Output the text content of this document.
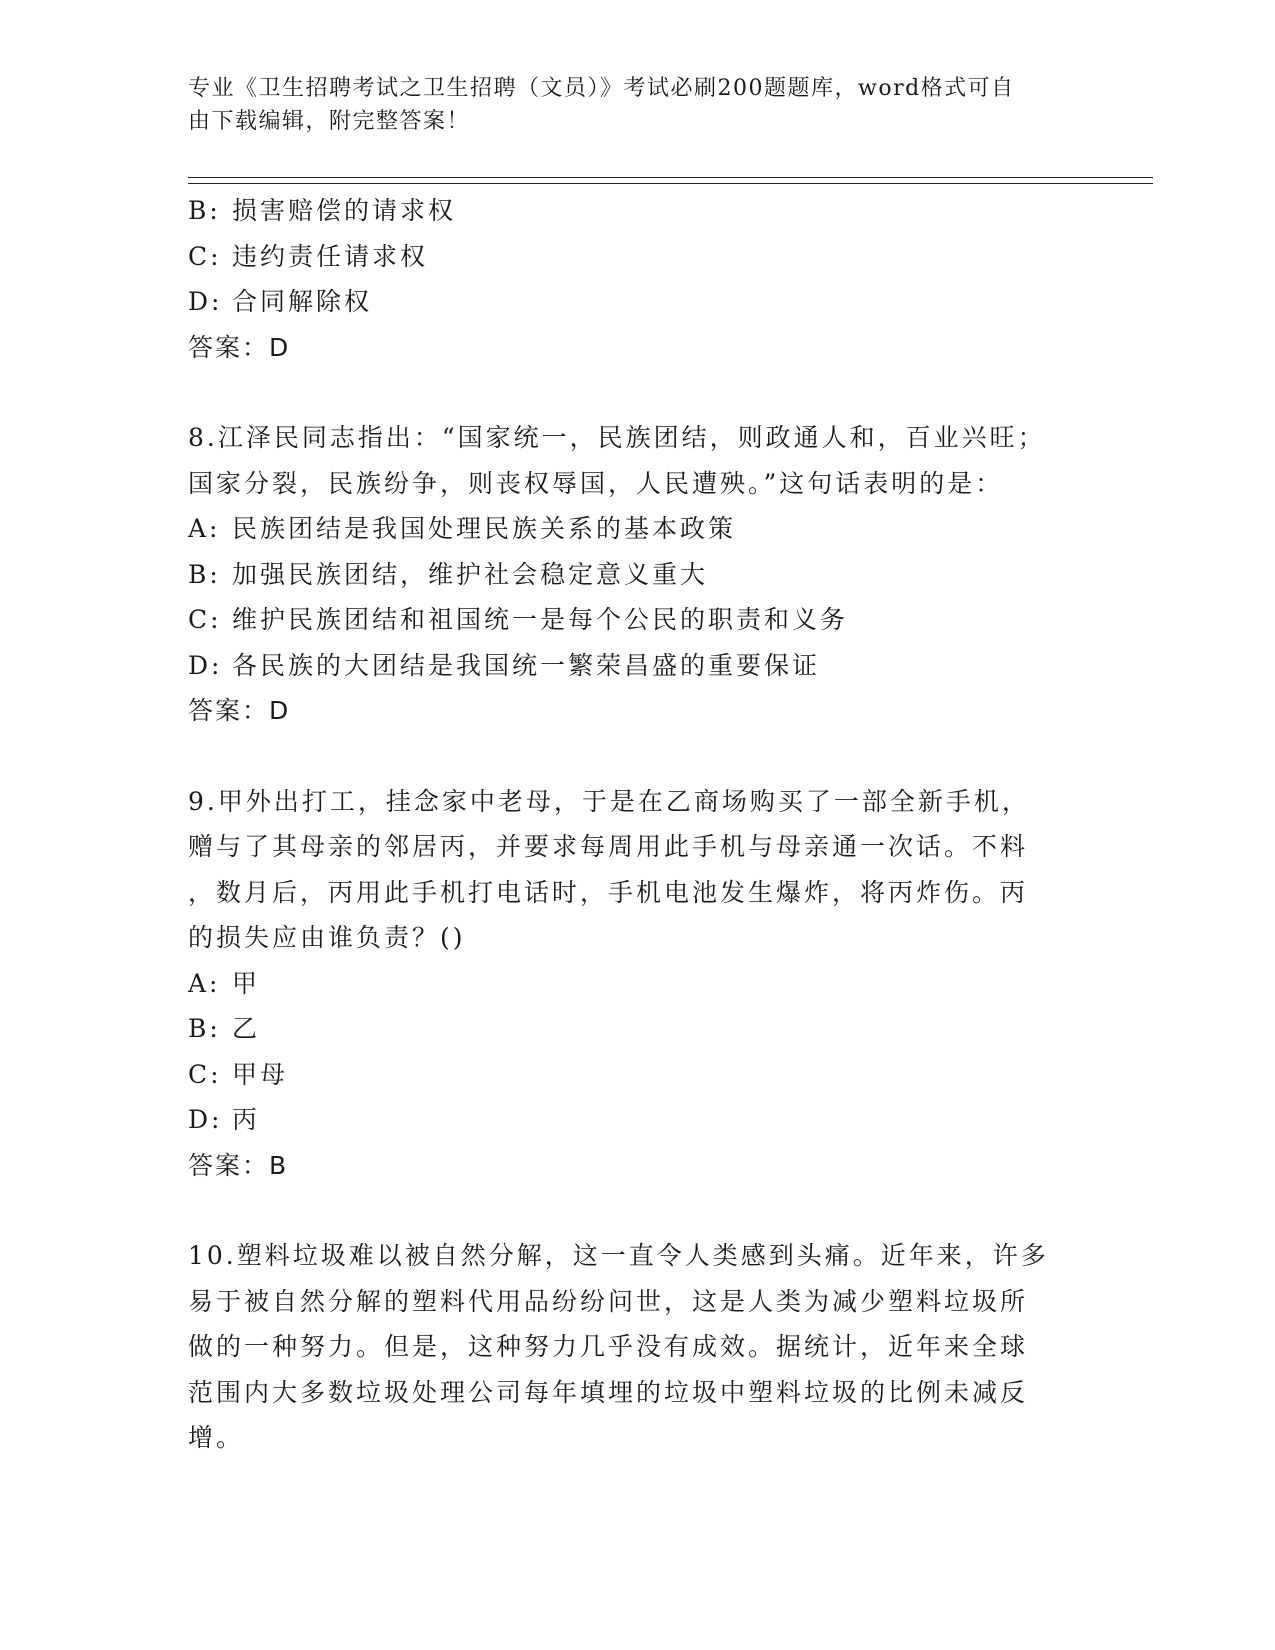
专业《卫生招聘考试之卫生招聘（文员）》考试必刷200题题库，word格式可自
由下载编辑，附完整答案！
B: 损害赔偿的请求权
C: 违约责任请求权
D: 合同解除权
答案： D
8.江泽民同志指出：“国家统一，民族团结，则政通人和，百业兴旺；
国家分裂，民族纷争，则丧权辱国，人民遭殃。”这句话表明的是：
A: 民族团结是我国处理民族关系的基本政策
B: 加强民族团结，维护社会稳定意义重大
C: 维护民族团结和祖国统一是每个公民的职责和义务
D: 各民族的大团结是我国统一繁荣昌盛的重要保证
答案： D
9.甲外出打工，挂念家中老母，于是在乙商场购买了一部全新手机，
赠与了其母亲的邻居丙，并要求每周用此手机与母亲通一次话。不料
，数月后，丙用此手机打电话时，手机电池发生爆炸，将丙炸伤。丙
的损失应由谁负责？()
A: 甲
B: 乙
C: 甲母
D: 丙
答案： B
10.塑料垃圾难以被自然分解，这一直令人类感到头痛。近年来，许多
易于被自然分解的塑料代用品纷纷问世，这是人类为减少塑料垃圾所
做的一种努力。但是，这种努力几乎没有成效。据统计，近年来全球
范围内大多数垃圾处理公司每年填埋的垃圾中塑料垃圾的比例未减反
增。
